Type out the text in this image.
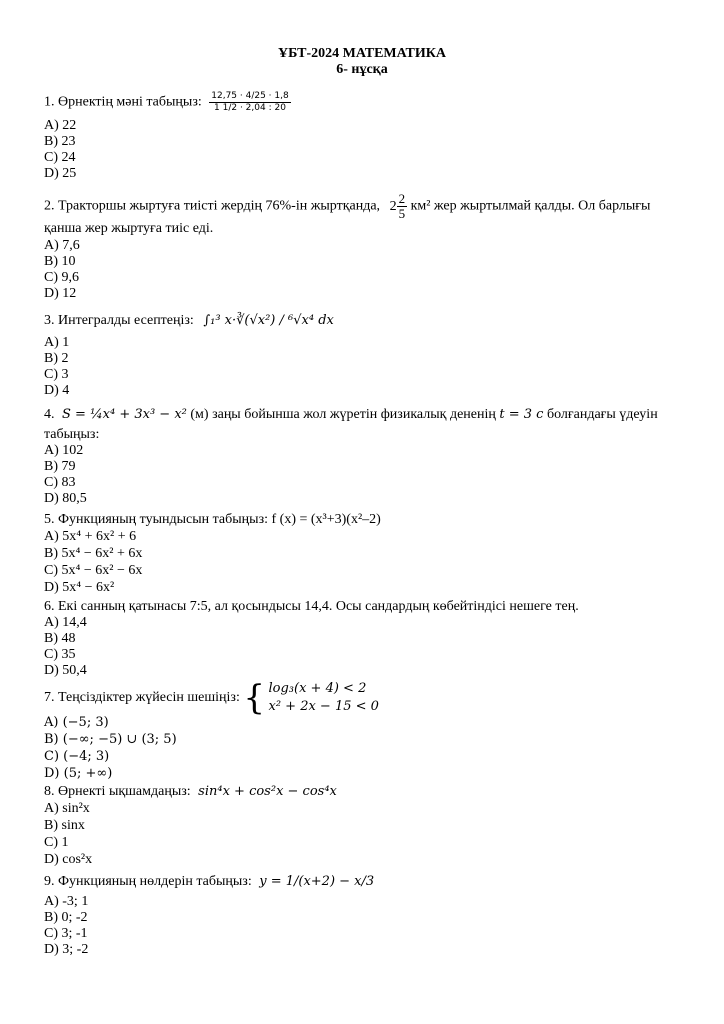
ҰБТ-2024 МАТЕМАТИКА
6- нұсқа
1. Өрнектің мәні табыңыз: $\frac{12,75 \cdot 4/25 \cdot 1,8}{1 1/2 \cdot 2,04 : 20}$
A) 22
B) 23
C) 24
D) 25
2. Тракторшы жыртуға тиісті жердің 76%-ін жыртқанда, $2 \frac{2}{5} км^2$ жер жыртылмай қалды. Ол барлығы
қанша жер жыртуға тиіс еді.
A) 7,6
B) 10
C) 9,6
D) 12
3. Интегралды есептеңіз: ∫₁³ x·∛(√x²) / ⁶√x⁴ dx
A) 1
B) 2
C) 3
D) 4
4. S = ¼x⁴ + 3x³ − x² (м) заңы бойынша жол жүретін физикалық дененің t = 3 c болғандағы үдеуін
табыңыз:
A) 102
B) 79
C) 83
D) 80,5
5. Функцияның туындысын табыңыз: f (x) = (x³+3)(x²–2)
A) 5x⁴ + 6x² + 6
B) 5x⁴ − 6x² + 6x
C) 5x⁴ − 6x² − 6x
D) 5x⁴ − 6x²
6. Екі санның қатынасы 7:5, ал қосындысы 14,4. Осы сандардың көбейтіндісі нешеге тең.
A) 14,4
B) 48
C) 35
D) 50,4
7. Теңсіздіктер жүйесін шешіңіз: { log₃(x + 4) < 2
x² + 2x − 15 < 0
A) (−5; 3)
B) (−∞; −5) ∪ (3; 5)
C) (−4; 3)
D) (5; +∞)
8. Өрнекті ықшамдаңыз: sin⁴x + cos²x − cos⁴x
A) sin²x
B) sinx
C) 1
D) cos²x
9. Функцияның нөлдерін табыңыз: y = 1/(x+2) − x/3
A) -3; 1
B) 0; -2
C) 3; -1
D) 3; -2
